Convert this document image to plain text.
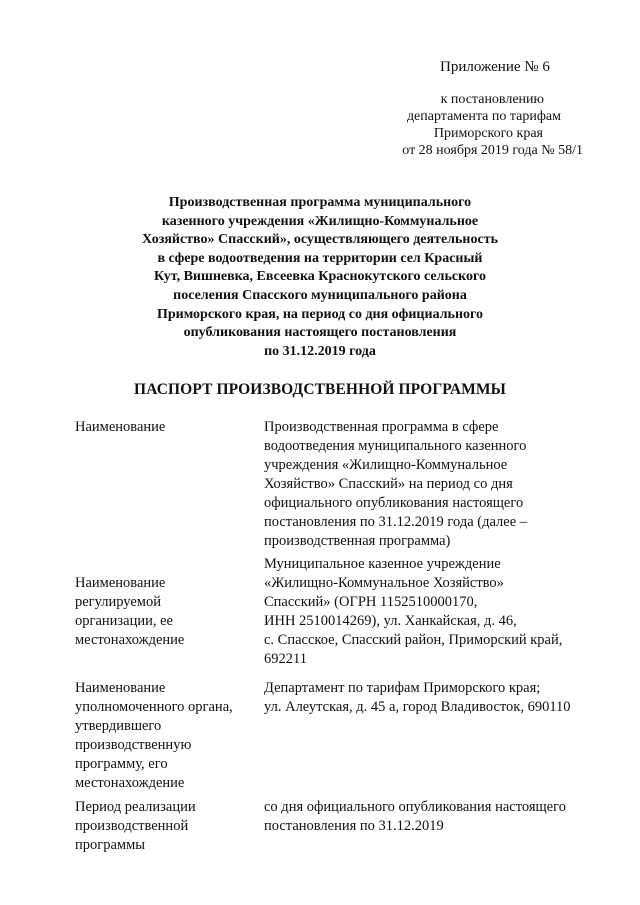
Приложение № 6
к постановлению
департамента по тарифам
Приморского края
от 28 ноября 2019 года № 58/1
Производственная программа муниципального
казенного учреждения «Жилищно-Коммунальное
Хозяйство» Спасский», осуществляющего деятельность
в сфере водоотведения на территории сел Красный
Кут, Вишневка, Евсеевка Краснокутского сельского
поселения Спасского муниципального района
Приморского края, на период со дня официального
опубликования настоящего постановления
по 31.12.2019 года
ПАСПОРТ ПРОИЗВОДСТВЕННОЙ ПРОГРАММЫ
Наименование	Производственная программа в сфере
водоотведения муниципального казенного
учреждения «Жилищно-Коммунальное
Хозяйство» Спасский» на период со дня
официального опубликования настоящего
постановления по 31.12.2019 года (далее –
производственная программа)
Наименование
регулируемой
организации, ее
местонахождение
Муниципальное казенное учреждение
«Жилищно-Коммунальное Хозяйство»
Спасский» (ОГРН 1152510000170,
ИНН 2510014269), ул. Ханкайская, д. 46,
с. Спасское, Спасский район, Приморский край,
692211
Наименование
уполномоченного органа,
утвердившего
производственную
программу, его
местонахождение
Департамент по тарифам Приморского края;
ул. Алеутская, д. 45 а, город Владивосток, 690110
Период реализации
производственной
программы
со дня официального опубликования настоящего
постановления по 31.12.2019
